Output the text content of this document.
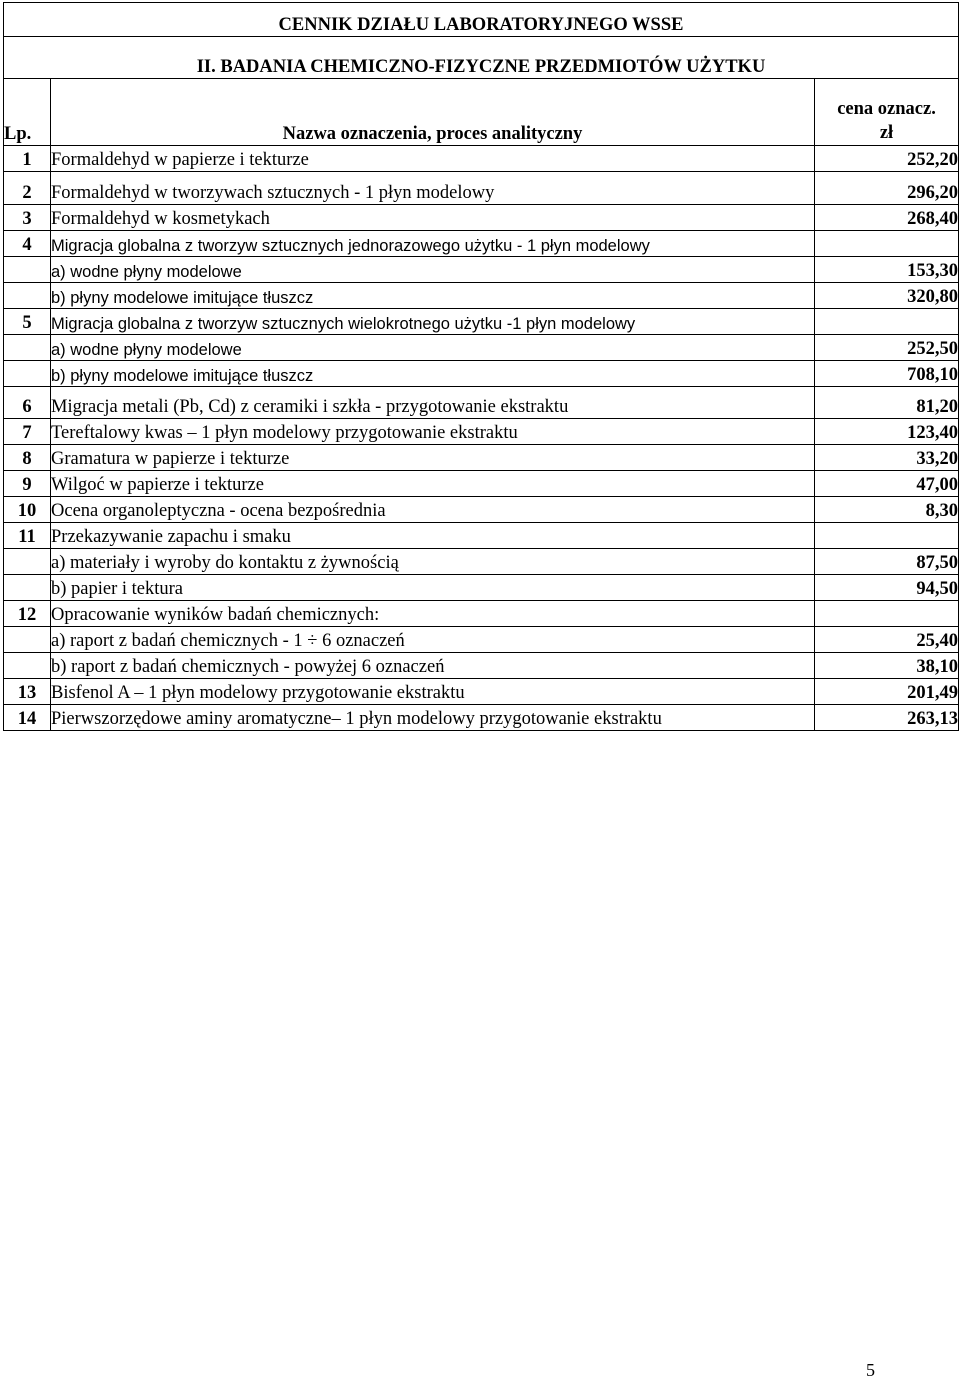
CENNIK DZIAŁU LABORATORYJNEGO WSSE		
II. BADANIA CHEMICZNO-FIZYCZNE PRZEDMIOTÓW UŻYTKU		
Lp.	Nazwa oznaczenia, proces analityczny	cena oznacz.
zł
1	Formaldehyd w papierze i tekturze	252,20
2	Formaldehyd w tworzywach sztucznych - 1 płyn modelowy	296,20
3	Formaldehyd w kosmetykach	268,40
4	Migracja globalna z tworzyw sztucznych jednorazowego użytku - 1 płyn modelowy	
	a) wodne płyny modelowe	153,30
	b) płyny modelowe imitujące tłuszcz	320,80
5	Migracja globalna z tworzyw sztucznych wielokrotnego użytku -1 płyn modelowy	
	a) wodne płyny modelowe	252,50
	b) płyny modelowe imitujące tłuszcz	708,10
6	Migracja metali (Pb, Cd) z ceramiki i szkła - przygotowanie ekstraktu	81,20
7	Tereftalowy kwas – 1 płyn modelowy przygotowanie ekstraktu	123,40
8	Gramatura w papierze i tekturze	33,20
9	Wilgoć w papierze i tekturze	47,00
10	Ocena organoleptyczna - ocena bezpośrednia	8,30
11	Przekazywanie zapachu i smaku	
	a) materiały i wyroby do kontaktu z żywnością	87,50
	b) papier i tektura	94,50
12	Opracowanie wyników badań chemicznych:	
	a) raport z badań chemicznych - 1 ÷ 6 oznaczeń	25,40
	b) raport z badań chemicznych - powyżej 6 oznaczeń	38,10
13	Bisfenol A – 1 płyn modelowy przygotowanie ekstraktu	201,49
14	Pierwszorzędowe aminy aromatyczne– 1 płyn modelowy przygotowanie ekstraktu	263,13
5
